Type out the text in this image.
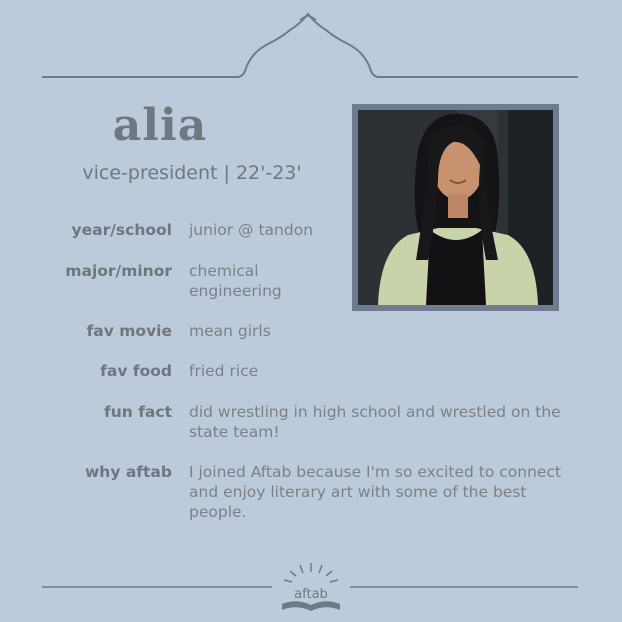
alia
vice-president | 22'-23'
year/school junior @ tandon
major/minor chemical engineering
fav movie mean girls
fav food fried rice
fun fact did wrestling in high school and wrestled on the state team!
why aftab I joined Aftab because I'm so excited to connect and enjoy literary art with some of the best people.
aftab
